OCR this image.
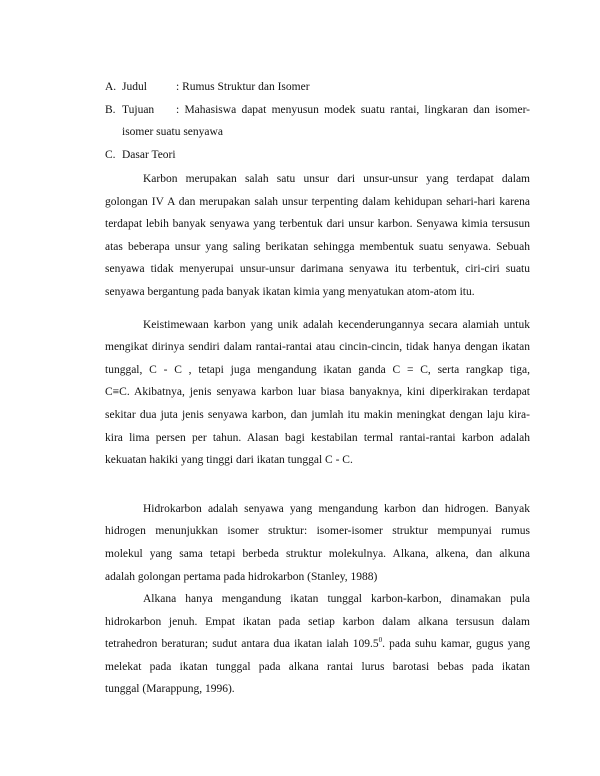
A. Judul	: Rumus Struktur dan Isomer
B. Tujuan : Mahasiswa dapat menyusun modek suatu rantai, lingkaran dan isomer-
isomer suatu senyawa
C. Dasar Teori
Karbon merupakan salah satu unsur dari unsur-unsur yang terdapat dalam
golongan IV A dan merupakan salah unsur terpenting dalam kehidupan sehari-hari karena
terdapat lebih banyak senyawa yang terbentuk dari unsur karbon. Senyawa kimia tersusun
atas beberapa unsur yang saling berikatan sehingga membentuk suatu senyawa. Sebuah
senyawa tidak menyerupai unsur-unsur darimana senyawa itu terbentuk, ciri-ciri suatu
senyawa bergantung pada banyak ikatan kimia yang menyatukan atom-atom itu.
Keistimewaan karbon yang unik adalah kecenderungannya secara alamiah untuk
mengikat dirinya sendiri dalam rantai-rantai atau cincin-cincin, tidak hanya dengan ikatan
tunggal, C - C , tetapi juga mengandung ikatan ganda C = C, serta rangkap tiga,
C≡C. Akibatnya, jenis senyawa karbon luar biasa banyaknya, kini diperkirakan terdapat
sekitar dua juta jenis senyawa karbon, dan jumlah itu makin meningkat dengan laju kira-
kira lima persen per tahun. Alasan bagi kestabilan termal rantai-rantai karbon adalah
kekuatan hakiki yang tinggi dari ikatan tunggal C - C.
Hidrokarbon adalah senyawa yang mengandung karbon dan hidrogen. Banyak
hidrogen menunjukkan isomer struktur: isomer-isomer struktur mempunyai rumus
molekul yang sama tetapi berbeda struktur molekulnya. Alkana, alkena, dan alkuna
adalah golongan pertama pada hidrokarbon (Stanley, 1988)
Alkana hanya mengandung ikatan tunggal karbon-karbon, dinamakan pula
hidrokarbon jenuh. Empat ikatan pada setiap karbon dalam alkana tersusun dalam
tetrahedron beraturan; sudut antara dua ikatan ialah 109.5$^0$. pada suhu kamar, gugus yang
melekat pada ikatan tunggal pada alkana rantai lurus barotasi bebas pada ikatan
tunggal (Marappung, 1996).
